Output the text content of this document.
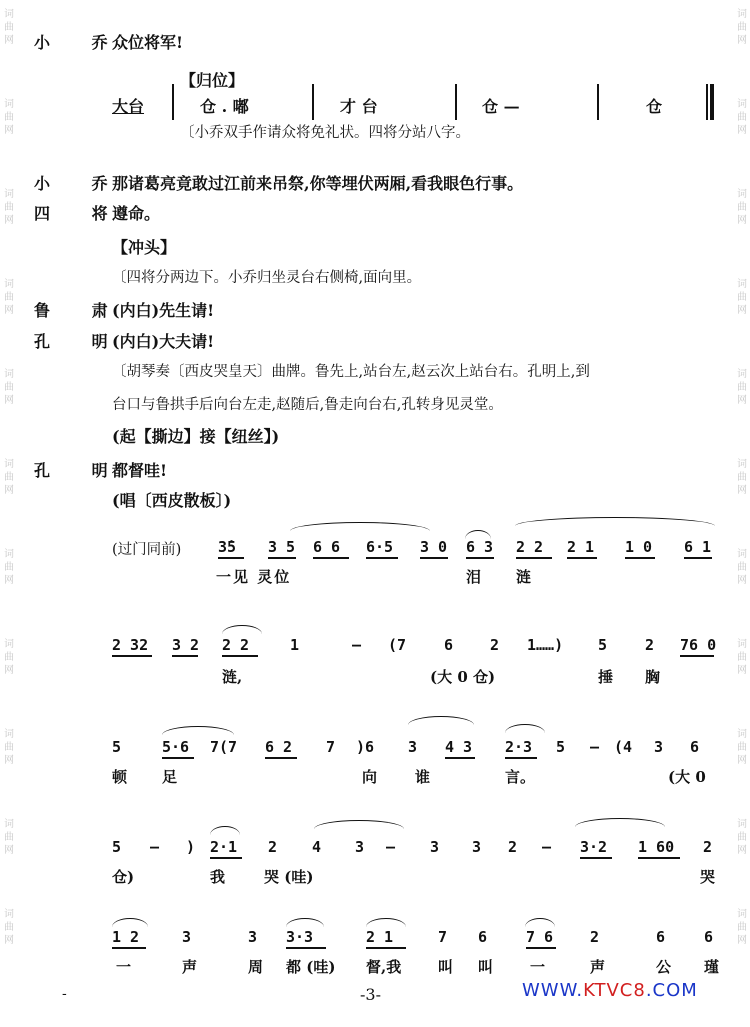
词
曲
网
词
曲
网
词
曲
网
词
曲
网
词
曲
网
词
曲
网
词
曲
网
词
曲
网
词
曲
网
词
曲
网
词
曲
网
词
曲
网
词
曲
网
词
曲
网
词
曲
网
词
曲
网
词
曲
网
词
曲
网
词
曲
网
词
曲
网
词
曲
网
词
曲
网
小 乔
众位将军!
【归位】
大台	仓 . 嘟	才 台	仓 —	仓
〔小乔双手作请众将免礼状。四将分站八字。
小 乔
那诸葛亮竟敢过江前来吊祭,你等埋伏两厢,看我眼色行事。
四 将
遵命。
【冲头】
〔四将分两边下。小乔归坐灵台右侧椅,面向里。
鲁 肃
(内白)先生请!
孔 明
(内白)大夫请!
〔胡琴奏〔西皮哭皇天〕曲牌。鲁先上,站台左,赵云次上站台右。孔明上,到
台口与鲁拱手后向台左走,赵随后,鲁走向台右,孔转身见灵堂。
(起【撕边】接【纽丝】)
孔 明
都督哇!
(唱〔西皮散板〕)
(过门同前) 3̇5 3 5 6 6 6·5 3 0 6 3 2 2 2 1 1 0 6 1
一见 灵位	泪 涟
2 32 3 2 2 2	1	— (7	6 2 1……) 5	2 76 0
涟,	(大 0 仓)	捶 胸
5	5·6 7(7 6 2 7 )6 3 4 3 2·3 5 — (4 3 6
顿 足	向	谁	言。	(大 0
5 — ) 2·1 2 4 3 — 3 3 2 — 3·2 1 60 2
仓)	我	哭 (哇)	哭
1 2	3	3 3·3	2 1	7 6	7 6 2	6	6
一	声	周 都 (哇) 督,我 叫 叫 一	声	公 瑾
-	-3-	WWW.KTVC8.COM
